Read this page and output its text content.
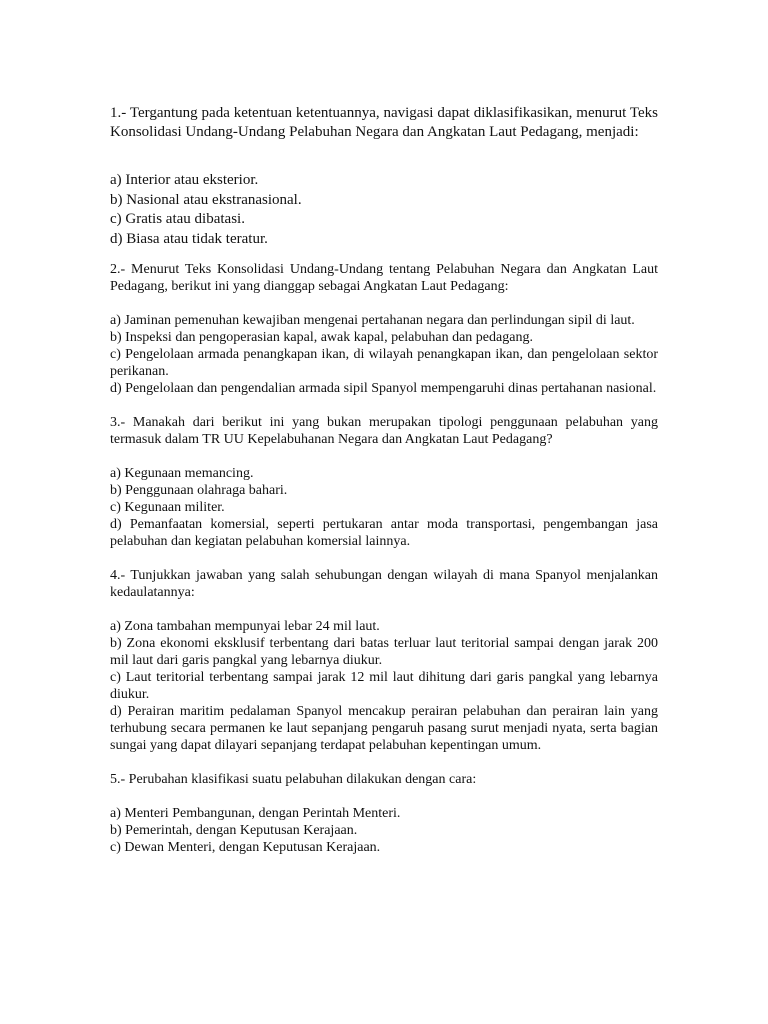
1.- Tergantung pada ketentuan ketentuannya, navigasi dapat diklasifikasikan, menurut Teks Konsolidasi Undang-Undang Pelabuhan Negara dan Angkatan Laut Pedagang, menjadi:

a) Interior atau eksterior.
b) Nasional atau ekstranasional.
c) Gratis atau dibatasi.
d) Biasa atau tidak teratur.

2.- Menurut Teks Konsolidasi Undang-Undang tentang Pelabuhan Negara dan Angkatan Laut Pedagang, berikut ini yang dianggap sebagai Angkatan Laut Pedagang:

a) Jaminan pemenuhan kewajiban mengenai pertahanan negara dan perlindungan sipil di laut.
b) Inspeksi dan pengoperasian kapal, awak kapal, pelabuhan dan pedagang.
c) Pengelolaan armada penangkapan ikan, di wilayah penangkapan ikan, dan pengelolaan sektor perikanan.
d) Pengelolaan dan pengendalian armada sipil Spanyol mempengaruhi dinas pertahanan nasional.

3.- Manakah dari berikut ini yang bukan merupakan tipologi penggunaan pelabuhan yang termasuk dalam TR UU Kepelabuhanan Negara dan Angkatan Laut Pedagang?

a) Kegunaan memancing.
b) Penggunaan olahraga bahari.
c) Kegunaan militer.
d) Pemanfaatan komersial, seperti pertukaran antar moda transportasi, pengembangan jasa pelabuhan dan kegiatan pelabuhan komersial lainnya.

4.- Tunjukkan jawaban yang salah sehubungan dengan wilayah di mana Spanyol menjalankan kedaulatannya:

a) Zona tambahan mempunyai lebar 24 mil laut.
b) Zona ekonomi eksklusif terbentang dari batas terluar laut teritorial sampai dengan jarak 200 mil laut dari garis pangkal yang lebarnya diukur.
c) Laut teritorial terbentang sampai jarak 12 mil laut dihitung dari garis pangkal yang lebarnya diukur.
d) Perairan maritim pedalaman Spanyol mencakup perairan pelabuhan dan perairan lain yang terhubung secara permanen ke laut sepanjang pengaruh pasang surut menjadi nyata, serta bagian sungai yang dapat dilayari sepanjang terdapat pelabuhan kepentingan umum.

5.- Perubahan klasifikasi suatu pelabuhan dilakukan dengan cara:

a) Menteri Pembangunan, dengan Perintah Menteri.
b) Pemerintah, dengan Keputusan Kerajaan.
c) Dewan Menteri, dengan Keputusan Kerajaan.
